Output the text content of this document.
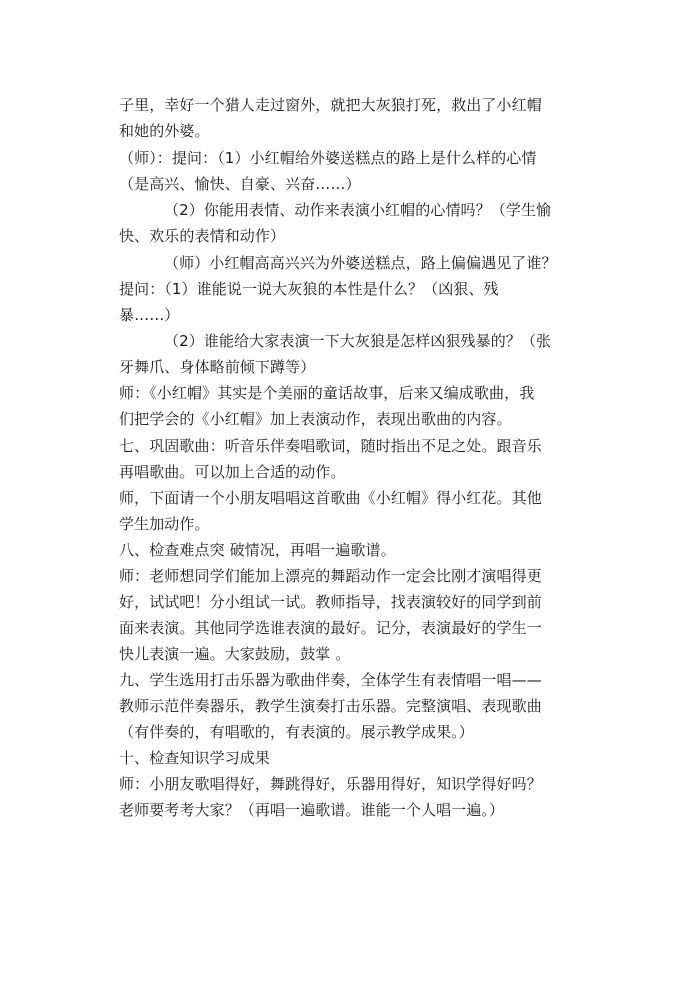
子里，幸好一个猎人走过窗外，就把大灰狼打死，救出了小红帽
和她的外婆。
（师）：提问：（1）小红帽给外婆送糕点的路上是什么样的心情
（是高兴、愉快、自豪、兴奋……）
（2）你能用表情、动作来表演小红帽的心情吗？（学生愉
快、欢乐的表情和动作）
（师）小红帽高高兴兴为外婆送糕点，路上偏偏遇见了谁？
提问：（1）谁能说一说大灰狼的本性是什么？（凶狠、残
暴……）
（2）谁能给大家表演一下大灰狼是怎样凶狠残暴的？（张
牙舞爪、身体略前倾下蹲等）
师：《小红帽》其实是个美丽的童话故事，后来又编成歌曲，我
们把学会的《小红帽》加上表演动作，表现出歌曲的内容。
七、巩固歌曲：听音乐伴奏唱歌词，随时指出不足之处。跟音乐
再唱歌曲。可以加上合适的动作。
师，下面请一个小朋友唱唱这首歌曲《小红帽》得小红花。其他
学生加动作。
八、检查难点突 破情况，再唱一遍歌谱。
师：老师想同学们能加上漂亮的舞蹈动作一定会比刚才演唱得更
好，试试吧！分小组试一试。教师指导，找表演较好的同学到前
面来表演。其他同学选谁表演的最好。记分，表演最好的学生一
快儿表演一遍。大家鼓励，鼓掌 。
九、学生选用打击乐器为歌曲伴奏，全体学生有表情唱一唱——
教师示范伴奏器乐，教学生演奏打击乐器。完整演唱、表现歌曲
（有伴奏的，有唱歌的，有表演的。展示教学成果。）
十、检查知识学习成果
师：小朋友歌唱得好，舞跳得好，乐器用得好，知识学得好吗？
老师要考考大家？（再唱一遍歌谱。谁能一个人唱一遍。）
